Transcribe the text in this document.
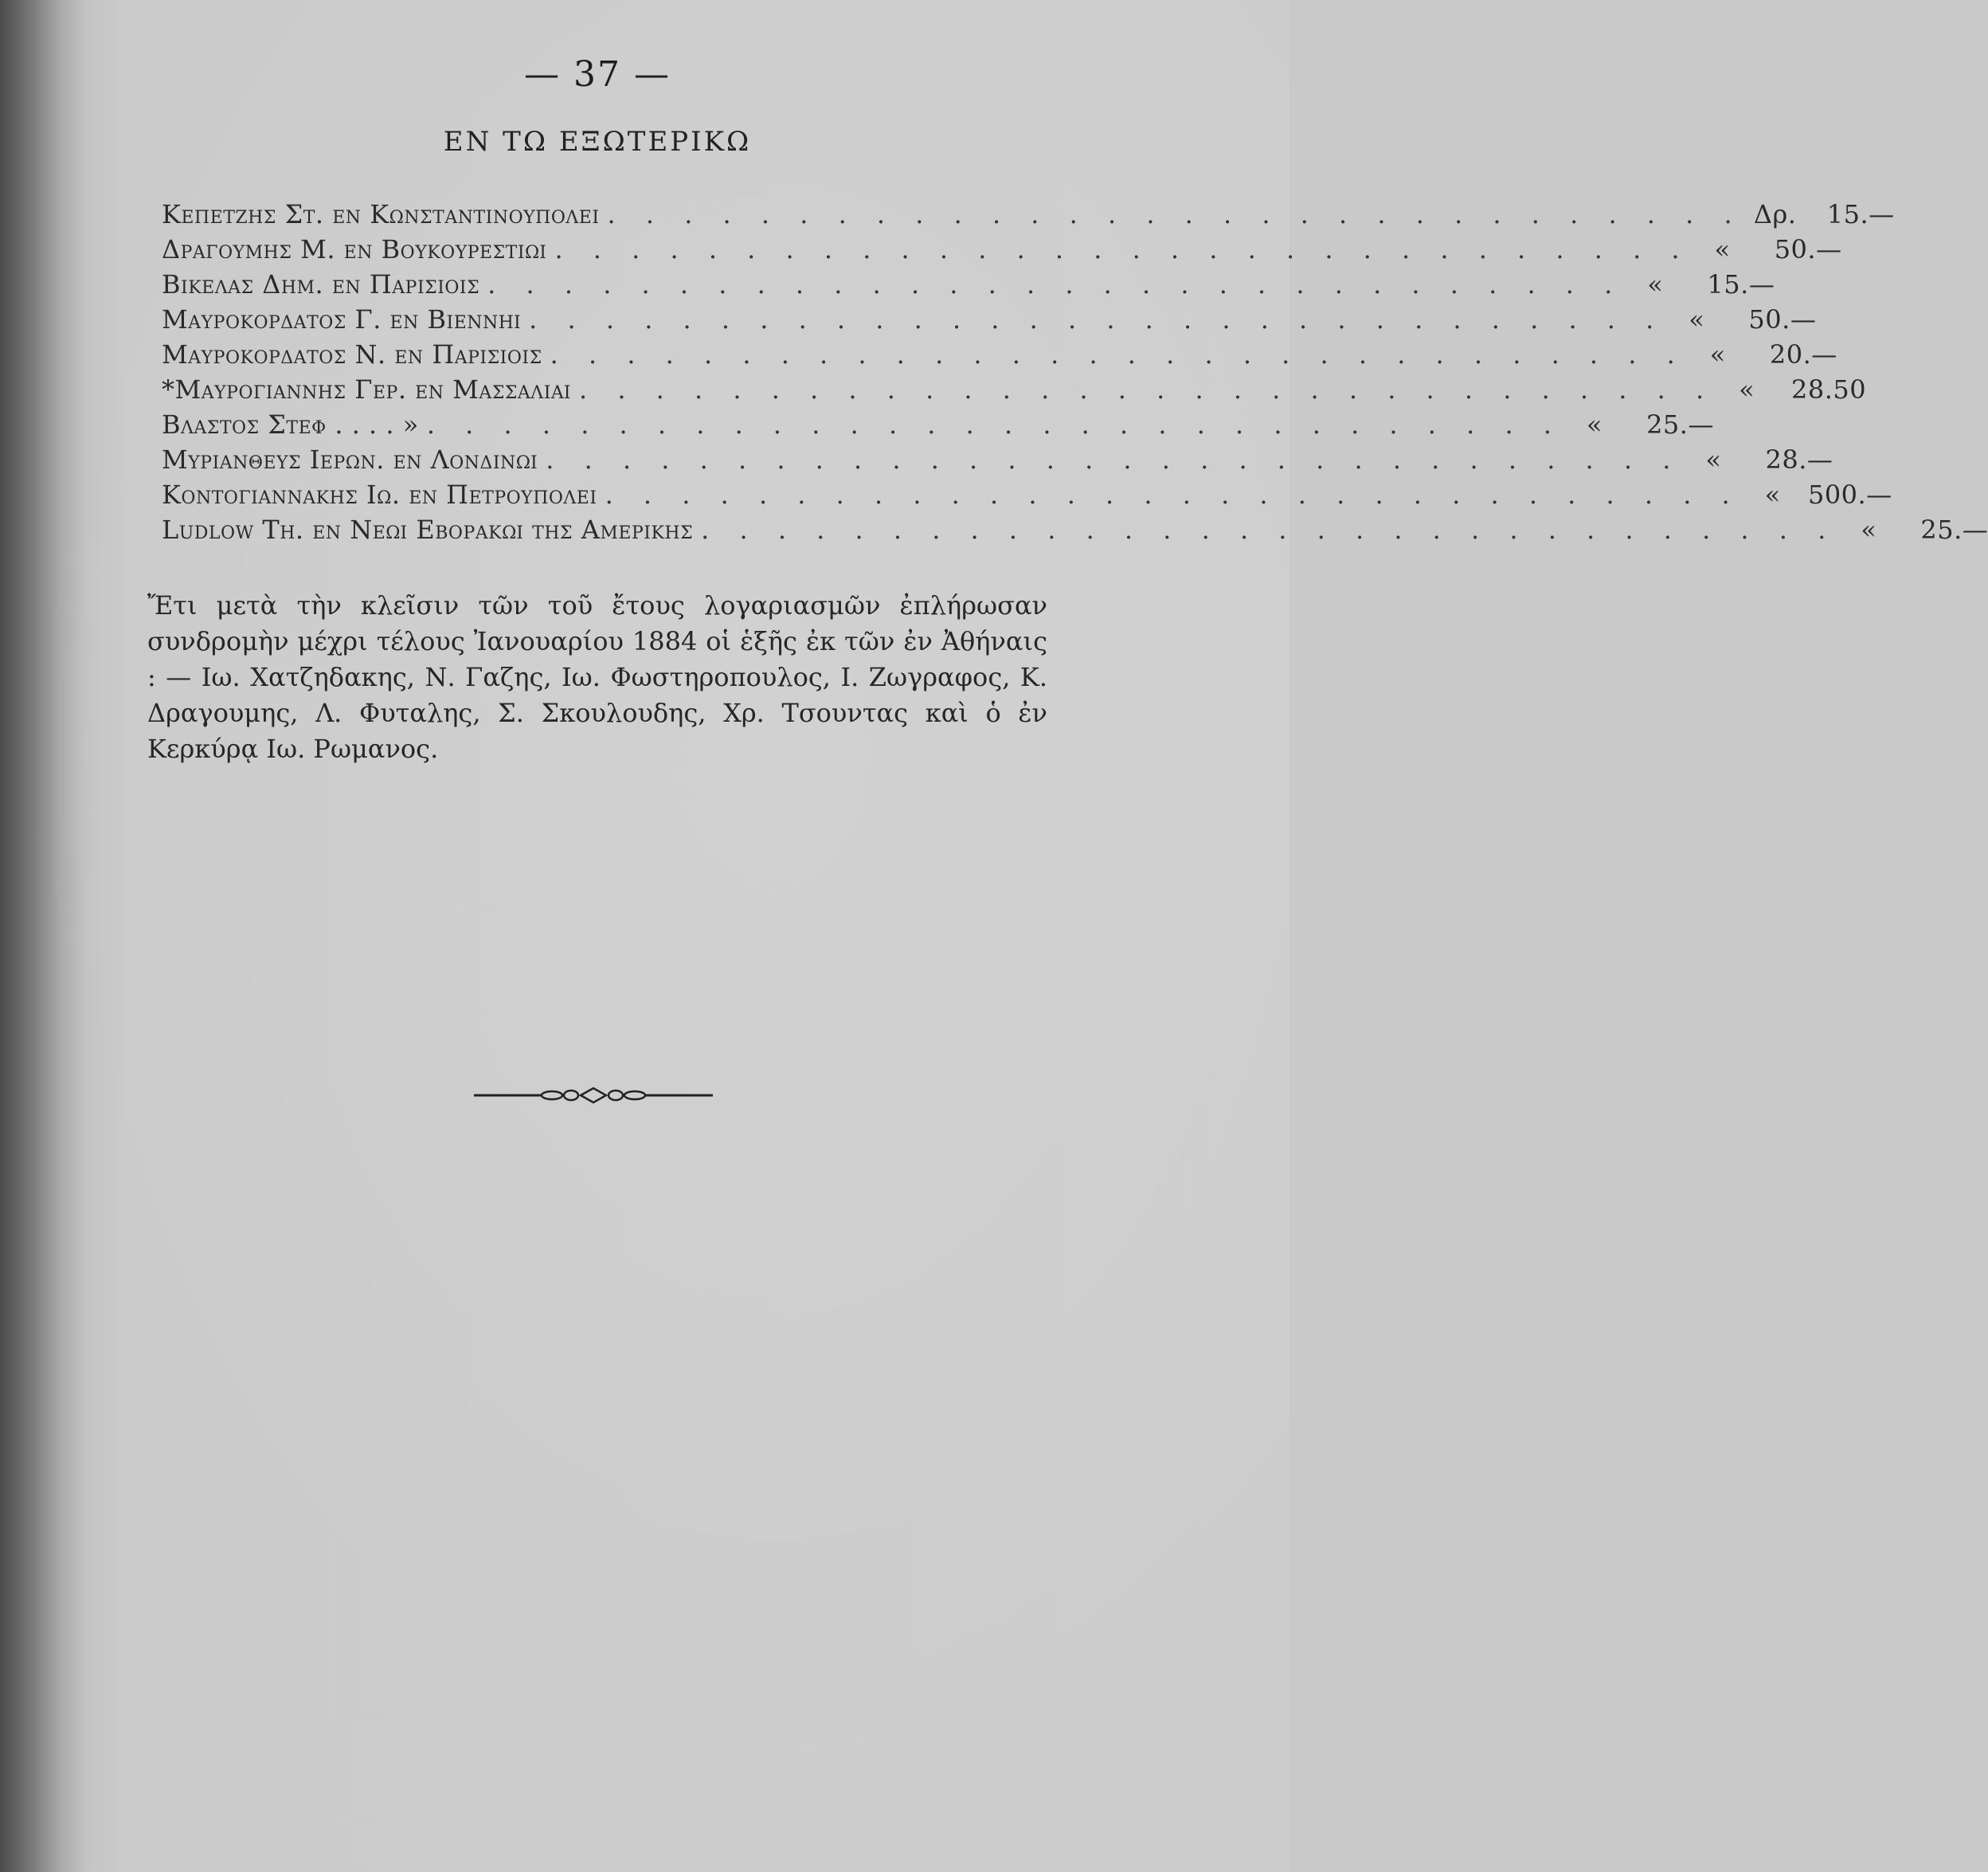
— 37 —
ΕΝ ΤΩ ΕΞΩΤΕΡΙΚΩ
Κεπετζης Στ. εν Κωνσταντινουπολει . . . . . . . . . . . . . . . . . . . . . . . . . . . . . . Δρ.	15.—
Δραγουμης Μ. εν Βουκουρεστιῳ . . . . . . . . . . . . . . . . . . . . . . . . . . . . . . «	50.—
Βικελας Δημ. εν Παρισιοις . . . . . . . . . . . . . . . . . . . . . . . . . . . . . . «	15.—
Μαυροκορδατος Γ. εν Βιεννῃ . . . . . . . . . . . . . . . . . . . . . . . . . . . . . . «	50.—
Μαυροκορδατος Ν. εν Παρισιοις . . . . . . . . . . . . . . . . . . . . . . . . . . . . . . «	20.—
*Μαυρογιαννης Γερ. εν Μασσαλιᾳ . . . . . . . . . . . . . . . . . . . . . . . . . . . . . . «	28.50
Βλαστος Στεφ . . . . » . . . . . . . . . . . . . . . . . . . . . . . . . . . . . . «	25.—
Μυριανθευς Ιερων. εν Λονδινῳ . . . . . . . . . . . . . . . . . . . . . . . . . . . . . . «	28.—
Κοντογιαννακης Ιω. εν Πετρουπολει . . . . . . . . . . . . . . . . . . . . . . . . . . . . . . «	500.—
Ludlow Th. εν Νεῳ Εβορακῳ της Αμερικης . . . . . . . . . . . . . . . . . . . . . . . . . . . . . . «	25.—
Ἔτι μετὰ τὴν κλεῖσιν τῶν τοῦ ἔτους λογαριασμῶν ἐπλήρωσαν συνδρομὴν μέχρι τέλους Ἰανουαρίου 1884 οἱ ἑξῆς ἐκ τῶν ἐν Ἀθήναις : — Ιω. Χατζηδακης, Ν. Γαζης, Ιω. Φωστηροπουλος, Ι. Ζωγραφος, Κ. Δραγουμης, Λ. Φυταλης, Σ. Σκουλουδης, Χρ. Τσουντας καὶ ὁ ἐν Κερκύρᾳ Ιω. Ρωμανος.
